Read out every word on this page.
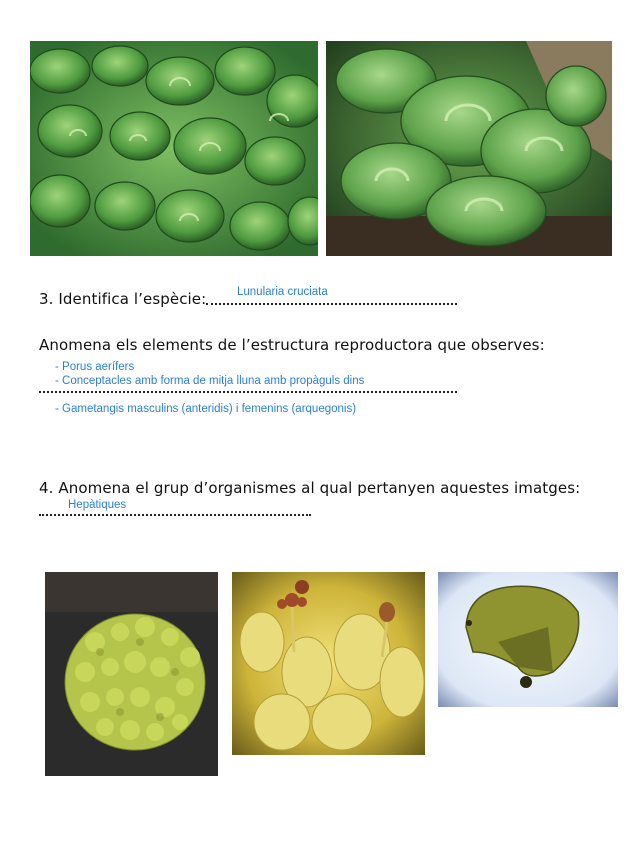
3. Identifica l’espècie:	Lunularia cruciata
Anomena els elements de l’estructura reproductora que observes:
- Porus aerífers
- Conceptacles amb forma de mitja lluna amb propàguls dins
- Gametangis masculins (anteridis) i femenins (arquegonis)
4. Anomena el grup d’organismes al qual pertanyen aquestes imatges:
Hepàtiques
